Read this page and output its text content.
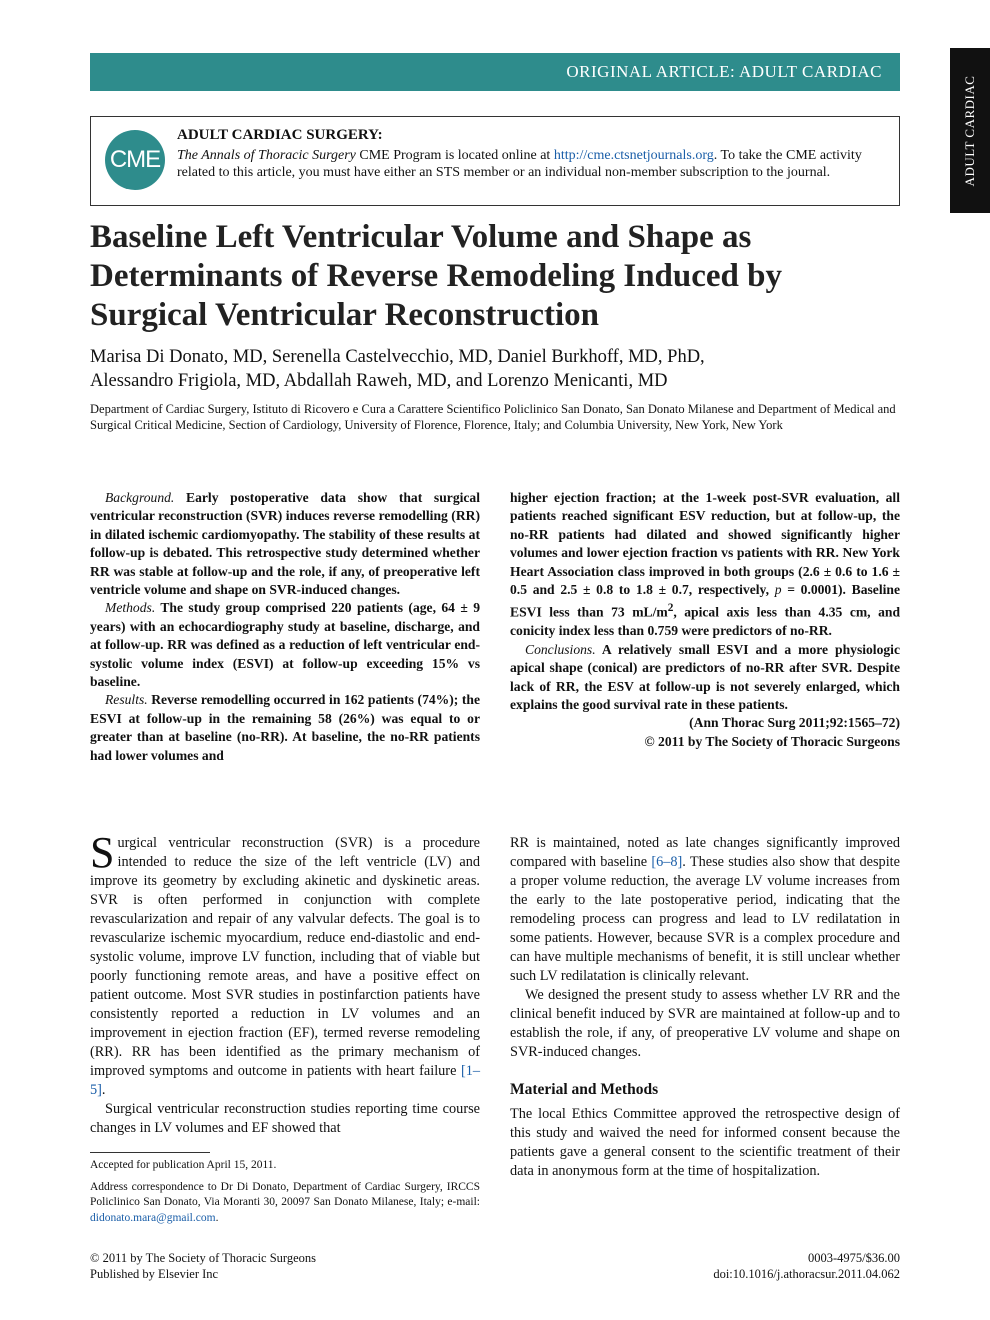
ORIGINAL ARTICLE: ADULT CARDIAC
ADULT CARDIAC
CME
ADULT CARDIAC SURGERY:
The Annals of Thoracic Surgery CME Program is located online at http://cme.ctsnetjournals.org. To take the CME activity related to this article, you must have either an STS member or an individual non-member subscription to the journal.
Baseline Left Ventricular Volume and Shape as Determinants of Reverse Remodeling Induced by Surgical Ventricular Reconstruction
Marisa Di Donato, MD, Serenella Castelvecchio, MD, Daniel Burkhoff, MD, PhD,
Alessandro Frigiola, MD, Abdallah Raweh, MD, and Lorenzo Menicanti, MD
Department of Cardiac Surgery, Istituto di Ricovero e Cura a Carattere Scientifico Policlinico San Donato, San Donato Milanese and Department of Medical and Surgical Critical Medicine, Section of Cardiology, University of Florence, Florence, Italy; and Columbia University, New York, New York

Background. Early postoperative data show that surgical ventricular reconstruction (SVR) induces reverse remodelling (RR) in dilated ischemic cardiomyopathy. The stability of these results at follow-up is debated. This retrospective study determined whether RR was stable at follow-up and the role, if any, of preoperative left ventricle volume and shape on SVR-induced changes.

Methods. The study group comprised 220 patients (age, 64 ± 9 years) with an echocardiography study at baseline, discharge, and at follow-up. RR was defined as a reduction of left ventricular end-systolic volume index (ESVI) at follow-up exceeding 15% vs baseline.

Results. Reverse remodelling occurred in 162 patients (74%); the ESVI at follow-up in the remaining 58 (26%) was equal to or greater than at baseline (no-RR). At baseline, the no-RR patients had lower volumes and

higher ejection fraction; at the 1-week post-SVR evaluation, all patients reached significant ESV reduction, but at follow-up, the no-RR patients had dilated and showed significantly higher volumes and lower ejection fraction vs patients with RR. New York Heart Association class improved in both groups (2.6 ± 0.6 to 1.6 ± 0.5 and 2.5 ± 0.8 to 1.8 ± 0.7, respectively, p = 0.0001). Baseline ESVI less than 73 $mL/m^2$, apical axis less than 4.35 cm, and conicity index less than 0.759 were predictors of no-RR.

Conclusions. A relatively small ESVI and a more physiologic apical shape (conical) are predictors of no-RR after SVR. Despite lack of RR, the ESV at follow-up is not severely enlarged, which explains the good survival rate in these patients.

(Ann Thorac Surg 2011;92:1565–72)

© 2011 by The Society of Thoracic Surgeons

Surgical ventricular reconstruction (SVR) is a procedure intended to reduce the size of the left ventricle (LV) and improve its geometry by excluding akinetic and dyskinetic areas. SVR is often performed in conjunction with complete revascularization and repair of any valvular defects. The goal is to revascularize ischemic myocardium, reduce end-diastolic and end-systolic volume, improve LV function, including that of viable but poorly functioning remote areas, and have a positive effect on patient outcome. Most SVR studies in postinfarction patients have consistently reported a reduction in LV volumes and an improvement in ejection fraction (EF), termed reverse remodeling (RR). RR has been identified as the primary mechanism of improved symptoms and outcome in patients with heart failure [1–5].

Surgical ventricular reconstruction studies reporting time course changes in LV volumes and EF showed that

RR is maintained, noted as late changes significantly improved compared with baseline [6–8]. These studies also show that despite a proper volume reduction, the average LV volume increases from the early to the late postoperative period, indicating that the remodeling process can progress and lead to LV redilatation in some patients. However, because SVR is a complex procedure and can have multiple mechanisms of benefit, it is still unclear whether such LV redilatation is clinically relevant.

We designed the present study to assess whether LV RR and the clinical benefit induced by SVR are maintained at follow-up and to establish the role, if any, of preoperative LV volume and shape on SVR-induced changes.

Material and Methods

The local Ethics Committee approved the retrospective design of this study and waived the need for informed consent because the patients gave a general consent to the scientific treatment of their data in anonymous form at the time of hospitalization.

Accepted for publication April 15, 2011.

Address correspondence to Dr Di Donato, Department of Cardiac Surgery, IRCCS Policlinico San Donato, Via Moranti 30, 20097 San Donato Milanese, Italy; e-mail: didonato.mara@gmail.com.

© 2011 by The Society of Thoracic Surgeons
Published by Elsevier Inc
0003-4975/$36.00
doi:10.1016/j.athoracsur.2011.04.062
